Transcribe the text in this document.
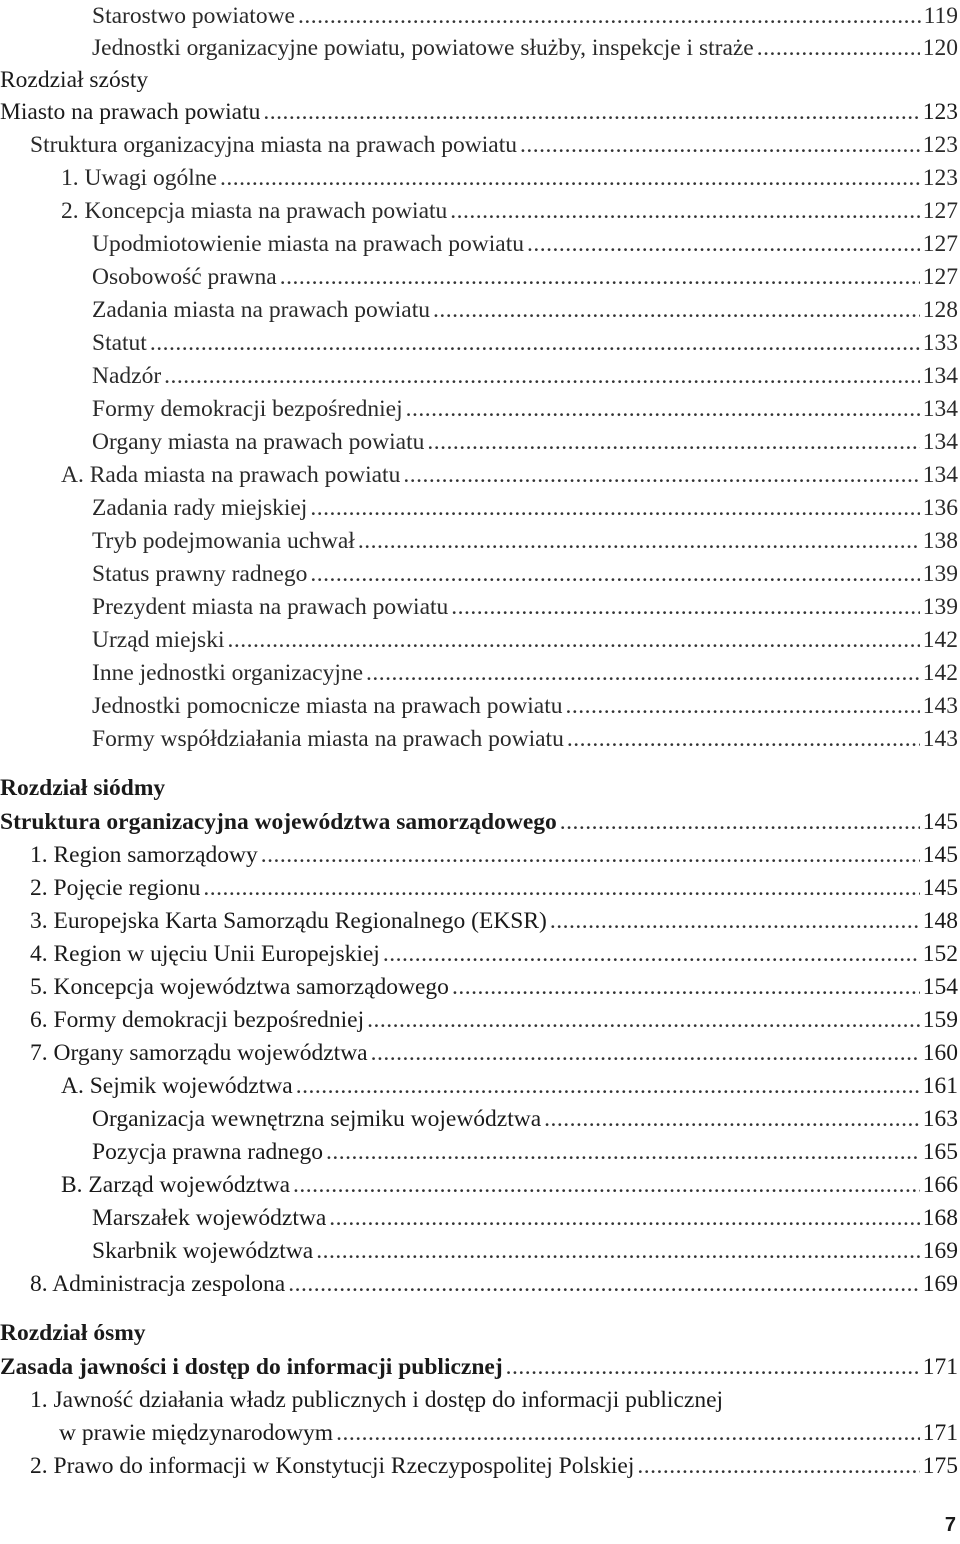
Starostwo powiatowe .....	119
Jednostki organizacyjne powiatu, powiatowe służby, inspekcje i straże .....	120
Rozdział szósty
Miasto na prawach powiatu .....	123
Struktura organizacyjna miasta na prawach powiatu .....	123
1. Uwagi ogólne .....	123
2. Koncepcja miasta na prawach powiatu .....	127
Upodmiotowienie miasta na prawach powiatu .....	127
Osobowość prawna .....	127
Zadania miasta na prawach powiatu .....	128
Statut .....	133
Nadzór .....	134
Formy demokracji bezpośredniej .....	134
Organy miasta na prawach powiatu .....	134
A. Rada miasta na prawach powiatu .....	134
Zadania rady miejskiej .....	136
Tryb podejmowania uchwał .....	138
Status prawny radnego .....	139
Prezydent miasta na prawach powiatu .....	139
Urząd miejski .....	142
Inne jednostki organizacyjne .....	142
Jednostki pomocnicze miasta na prawach powiatu .....	143
Formy współdziałania miasta na prawach powiatu .....	143
Rozdział siódmy
Struktura organizacyjna województwa samorządowego .....	145
1. Region samorządowy .....	145
2. Pojęcie regionu .....	145
3. Europejska Karta Samorządu Regionalnego (EKSR) .....	148
4. Region w ujęciu Unii Europejskiej .....	152
5. Koncepcja województwa samorządowego .....	154
6. Formy demokracji bezpośredniej .....	159
7. Organy samorządu województwa .....	160
A. Sejmik województwa .....	161
Organizacja wewnętrzna sejmiku województwa .....	163
Pozycja prawna radnego .....	165
B. Zarząd województwa .....	166
Marszałek województwa .....	168
Skarbnik województwa .....	169
8. Administracja zespolona .....	169
Rozdział ósmy
Zasada jawności i dostęp do informacji publicznej .....	171
1. Jawność działania władz publicznych i dostęp do informacji publicznej
w prawie międzynarodowym .....	171
2. Prawo do informacji w Konstytucji Rzeczypospolitej Polskiej .....	175
7
